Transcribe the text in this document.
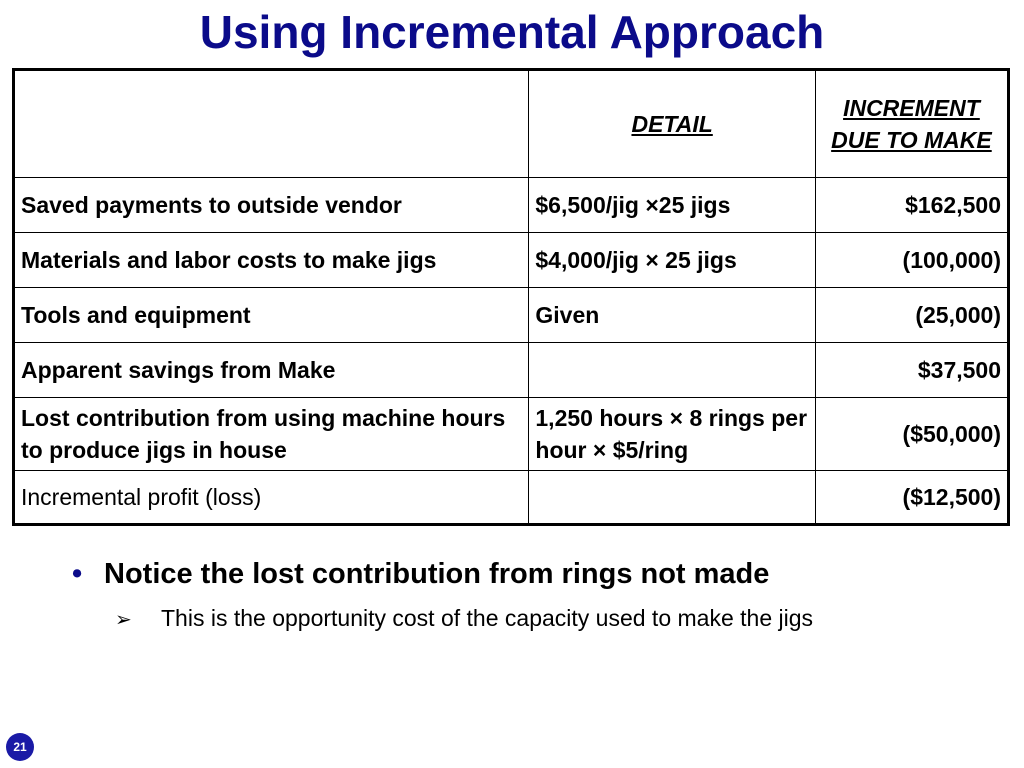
Using Incremental Approach
	DETAIL	INCREMENT DUE TO MAKE
Saved payments to outside vendor	$6,500/jig ×25 jigs	$162,500
Materials and labor costs to make jigs	$4,000/jig × 25 jigs	(100,000)
Tools and equipment	Given	(25,000)
Apparent savings from Make		$37,500
Lost contribution from using machine hours to produce jigs in house	1,250 hours × 8 rings per hour × $5/ring	($50,000)
Incremental profit (loss)		($12,500)
• Notice the lost contribution from rings not made
➢ This is the opportunity cost of the capacity used to make the jigs
21
